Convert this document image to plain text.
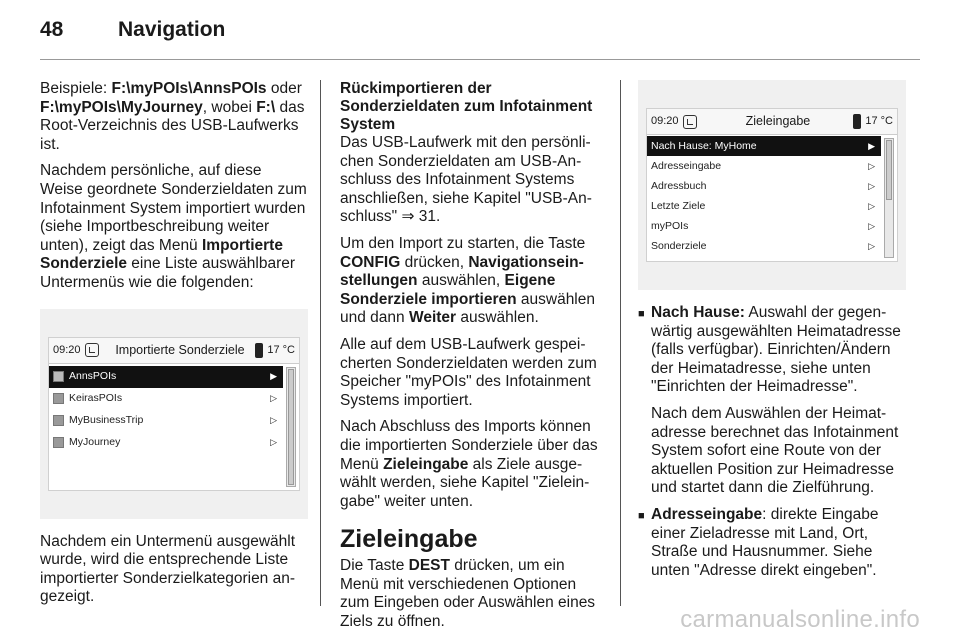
48	Navigation

Beispiele: F:\myPOIs\AnnsPOIs oder F:\myPOIs\MyJourney, wobei F:\ das Root-Verzeichnis des USB-Laufwerks ist.

Nachdem persönliche, auf diese Weise geordnete Sonderzieldaten zum Infotainment System importiert wurden (siehe Importbeschreibung weiter unten), zeigt das Menü Importierte Sonderziele eine Liste auswählbarer Untermenüs wie die folgenden:

09:20	Importierte Sonderziele	17 °C
AnnsPOIs	▶
KeirasPOIs	▷
MyBusinessTrip	▷
MyJourney	▷

Nachdem ein Untermenü ausgewählt wurde, wird die entsprechende Liste importierter Sonderzielkategorien angezeigt.

Rückimportieren der Sonderzieldaten zum Infotainment System

Das USB-Laufwerk mit den persönlichen Sonderzieldaten am USB-Anschluss des Infotainment Systems anschließen, siehe Kapitel "USB-Anschluss" ⇒ 31.

Um den Import zu starten, die Taste CONFIG drücken, Navigationseinstellungen auswählen, Eigene Sonderziele importieren auswählen und dann Weiter auswählen.

Alle auf dem USB-Laufwerk gespeicherten Sonderzieldaten werden zum Speicher "myPOIs" des Infotainment Systems importiert.

Nach Abschluss des Imports können die importierten Sonderziele über das Menü Zieleingabe als Ziele ausgewählt werden, siehe Kapitel "Zieleingabe" weiter unten.

Zieleingabe

Die Taste DEST drücken, um ein Menü mit verschiedenen Optionen zum Eingeben oder Auswählen eines Ziels zu öffnen.

09:20	Zieleingabe	17 °C
Nach Hause: MyHome	▶
Adresseingabe	▷
Adressbuch	▷
Letzte Ziele	▷
myPOIs	▷
Sonderziele	▷
■ Nach Hause: Auswahl der gegenwärtig ausgewählten Heimatadresse (falls verfügbar). Einrichten/Ändern der Heimatadresse, siehe unten "Einrichten der Heimadresse".

Nach dem Auswählen der Heimatadresse berechnet das Infotainment System sofort eine Route von der aktuellen Position zur Heimadresse und startet dann die Zielführung.

■ Adresseingabe: direkte Eingabe einer Zieladresse mit Land, Ort, Straße und Hausnummer. Siehe unten "Adresse direkt eingeben".

carmanualsonline.info
